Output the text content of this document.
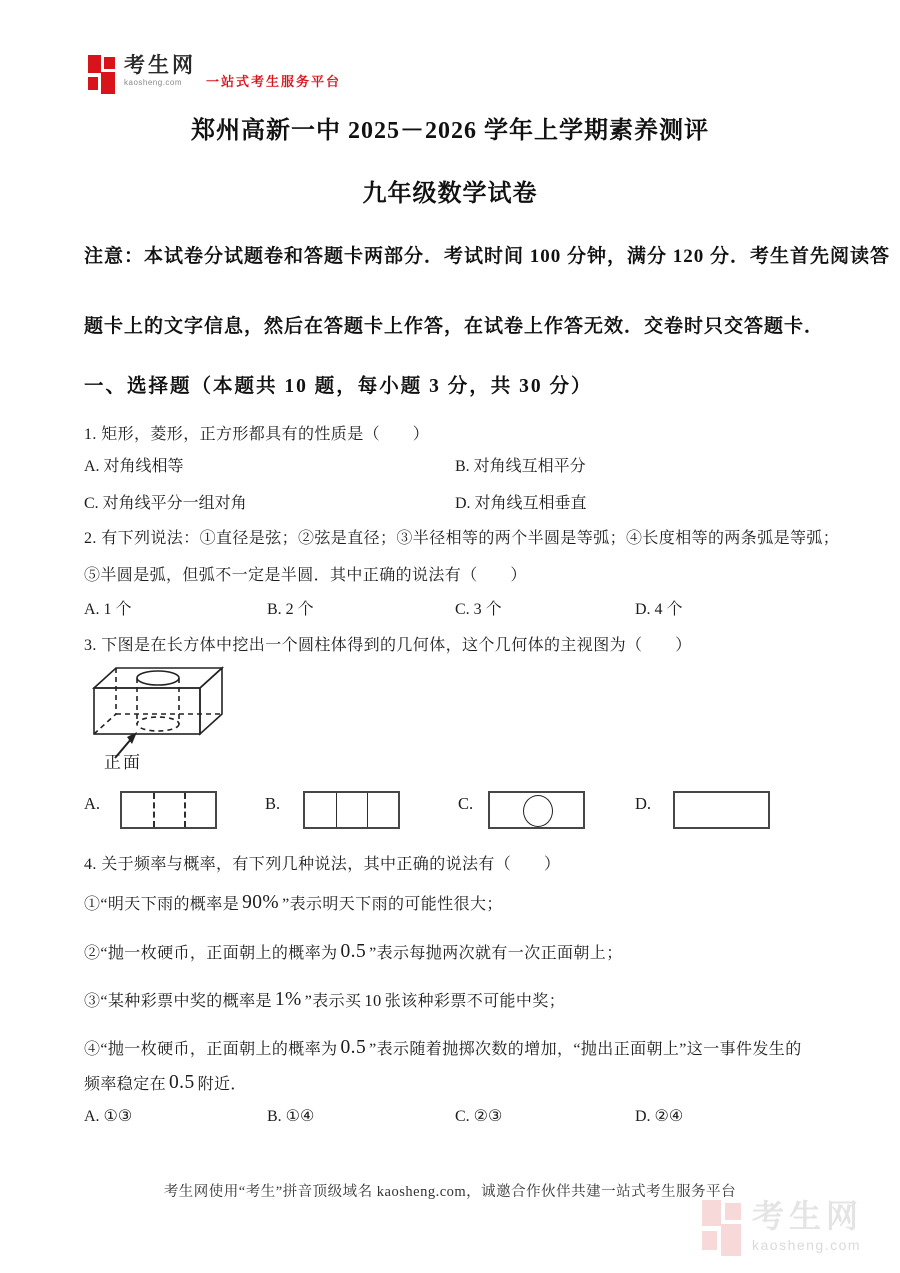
考生网
kaosheng.com	一站式考生服务平台
郑州高新一中 2025－2026 学年上学期素养测评
九年级数学试卷
注意：本试卷分试题卷和答题卡两部分．考试时间 100 分钟，满分 120 分．考生首先阅读答
题卡上的文字信息，然后在答题卡上作答，在试卷上作答无效．交卷时只交答题卡．
一、选择题（本题共 10 题，每小题 3 分，共 30 分）
1. 矩形，菱形，正方形都具有的性质是（　　）
A. 对角线相等	B. 对角线互相平分
C. 对角线平分一组对角	D. 对角线互相垂直
2. 有下列说法：①直径是弦；②弦是直径；③半径相等的两个半圆是等弧；④长度相等的两条弧是等弧；
⑤半圆是弧，但弧不一定是半圆．其中正确的说法有（　　）
A. 1 个	B. 2 个	C. 3 个	D. 4 个
3. 下图是在长方体中挖出一个圆柱体得到的几何体，这个几何体的主视图为（　　）
正面
A.	B.	C.	D.
4. 关于频率与概率，有下列几种说法，其中正确的说法有（　　）
①“明天下雨的概率是 90% ”表示明天下雨的可能性很大；
②“抛一枚硬币，正面朝上的概率为 0.5 ”表示每抛两次就有一次正面朝上；
③“某种彩票中奖的概率是 1% ”表示买 10 张该种彩票不可能中奖；
④“抛一枚硬币，正面朝上的概率为 0.5 ”表示随着抛掷次数的增加，“抛出正面朝上”这一事件发生的
频率稳定在 0.5 附近．
A. ①③	B. ①④	C. ②③	D. ②④
考生网使用“考生”拼音顶级域名 kaosheng.com，诚邀合作伙伴共建一站式考生服务平台
考生网
kaosheng.com
